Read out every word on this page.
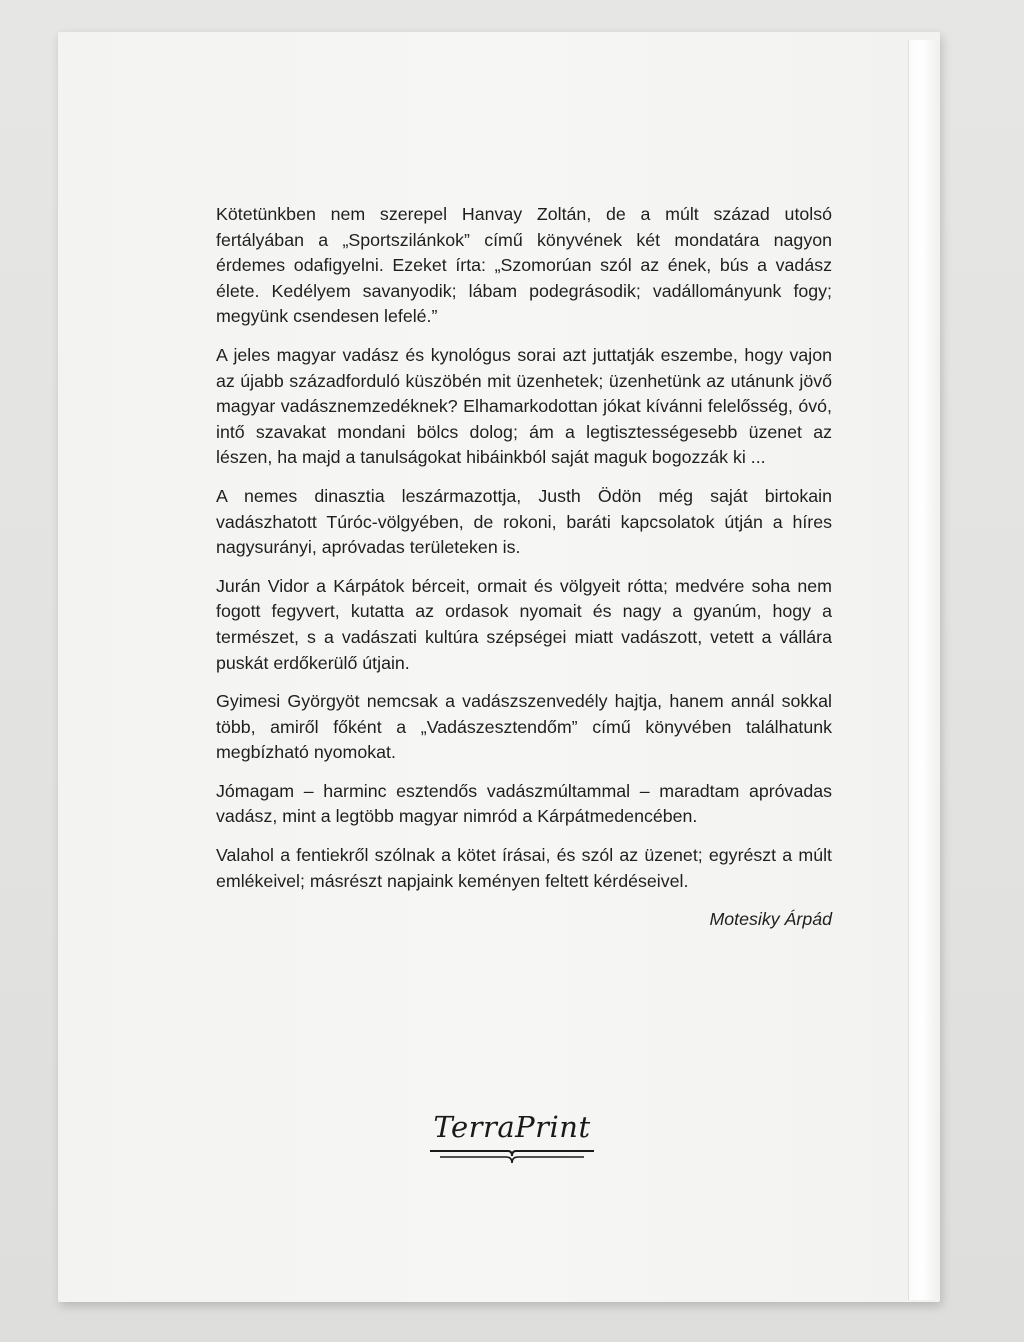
Kötetünkben nem szerepel Hanvay Zoltán, de a múlt század utolsó fertályában a „Sportszilánkok” című könyvének két mondatára nagyon érdemes odafigyelni. Ezeket írta: „Szomorúan szól az ének, bús a vadász élete. Kedélyem savanyodik; lábam podegrásodik; vadállományunk fogy; megyünk csendesen lefelé.”

A jeles magyar vadász és kynológus sorai azt juttatják eszembe, hogy vajon az újabb századforduló küszöbén mit üzenhetek; üzenhetünk az utánunk jövő magyar vadásznemzedéknek? Elhamarkodottan jókat kívánni felelősség, óvó, intő szavakat mondani bölcs dolog; ám a legtisztességesebb üzenet az lészen, ha majd a tanulságokat hibáinkból saját maguk bogozzák ki ...

A nemes dinasztia leszármazottja, Justh Ödön még saját birtokain vadászhatott Túróc-völgyében, de rokoni, baráti kapcsolatok útján a híres nagysurányi, apróvadas területeken is.

Jurán Vidor a Kárpátok bérceit, ormait és völgyeit rótta; medvére soha nem fogott fegyvert, kutatta az ordasok nyomait és nagy a gyanúm, hogy a természet, s a vadászati kultúra szépségei miatt vadászott, vetett a vállára puskát erdőkerülő útjain.

Gyimesi Györgyöt nemcsak a vadászszenvedély hajtja, hanem annál sokkal több, amiről főként a „Vadászesztendőm” című könyvében találhatunk megbízható nyomokat.

Jómagam – harminc esztendős vadászmúltammal – maradtam apróvadas vadász, mint a legtöbb magyar nimród a Kárpátmedencében.

Valahol a fentiekről szólnak a kötet írásai, és szól az üzenet; egyrészt a múlt emlékeivel; másrészt napjaink keményen feltett kérdéseivel.

Motesiky Árpád

TerraPrint
